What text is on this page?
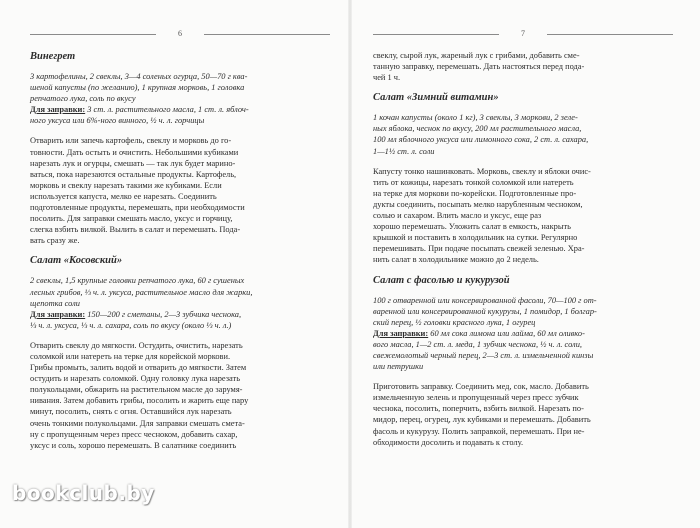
6
Винегрет

3 картофелины, 2 свеклы, 3—4 соленых огурца, 50—70 г ква-
шеной капусты (по желанию), 1 крупная морковь, 1 головка
репчатого лука, соль по вкусу

Для заправки: 3 ст. л. растительного масла, 1 ст. л. яблоч-
ного уксуса или 6%-ного винного, ½ ч. л. горчицы

Отварить или запечь картофель, свеклу и морковь до го-
товности. Дать остыть и очистить. Небольшими кубиками
нарезать лук и огурцы, смешать — так лук будет марино-
ваться, пока нарезаются остальные продукты. Картофель,
морковь и свеклу нарезать такими же кубиками. Если
используется капуста, мелко ее нарезать. Соединить
подготовленные продукты, перемешать, при необходимости
посолить. Для заправки смешать масло, уксус и горчицу,
слегка взбить вилкой. Вылить в салат и перемешать. Пода-
вать сразу же.

Салат «Косовский»

2 свеклы, 1,5 крупные головки репчатого лука, 60 г сушеных
лесных грибов, ⅓ ч. л. уксуса, растительное масло для жарки,
щепотка соли

Для заправки: 150—200 г сметаны, 2—3 зубчика чеснока,
⅓ ч. л. уксуса, ⅓ ч. л. сахара, соль по вкусу (около ⅓ ч. л.)

Отварить свеклу до мягкости. Остудить, очистить, нарезать
соломкой или натереть на терке для корейской моркови.
Грибы промыть, залить водой и отварить до мягкости. Затем
остудить и нарезать соломкой. Одну головку лука нарезать
полукольцами, обжарить на растительном масле до зарумя-
нивания. Затем добавить грибы, посолить и жарить еще пару
минут, посолить, снять с огня. Оставшийся лук нарезать
очень тонкими полукольцами. Для заправки смешать смета-
ну с пропущенным через пресс чесноком, добавить сахар,
уксус и соль, хорошо перемешать. В салатнике соединить

7

свеклу, сырой лук, жареный лук с грибами, добавить сме-
танную заправку, перемешать. Дать настояться перед пода-
чей 1 ч.

Салат «Зимний витамин»

1 кочан капусты (около 1 кг), 3 свеклы, 3 моркови, 2 зеле-
ных яблока, чеснок по вкусу, 200 мл растительного масла,
100 мл яблочного уксуса или лимонного сока, 2 ст. л. сахара,
1—1½ ст. л. соли

Капусту тонко нашинковать. Морковь, свеклу и яблоки очис-
тить от кожицы, нарезать тонкой соломкой или натереть
на терке для моркови по-корейски. Подготовленные про-
дукты соединить, посыпать мелко нарубленным чесноком,
солью и сахаром. Влить масло и уксус, еще раз
хорошо перемешать. Уложить салат в емкость, накрыть
крышкой и поставить в холодильник на сутки. Регулярно
перемешивать. При подаче посыпать свежей зеленью. Хра-
нить салат в холодильнике можно до 2 недель.

Салат с фасолью и кукурузой

100 г отваренной или консервированной фасоли, 70—100 г от-
варенной или консервированной кукурузы, 1 помидор, 1 болгар-
ский перец, ½ головки красного лука, 1 огурец

Для заправки: 60 мл сока лимона или лайма, 60 мл оливко-
вого масла, 1—2 ст. л. меда, 1 зубчик чеснока, ½ ч. л. соли,
свежемолотый черный перец, 2—3 ст. л. измельченной кинзы
или петрушки

Приготовить заправку. Соединить мед, сок, масло. Добавить
измельченную зелень и пропущенный через пресс зубчик
чеснока, посолить, поперчить, взбить вилкой. Нарезать по-
мидор, перец, огурец, лук кубиками и перемешать. Добавить
фасоль и кукурузу. Полить заправкой, перемешать. При не-
обходимости досолить и подавать к столу.

bookclub.by
